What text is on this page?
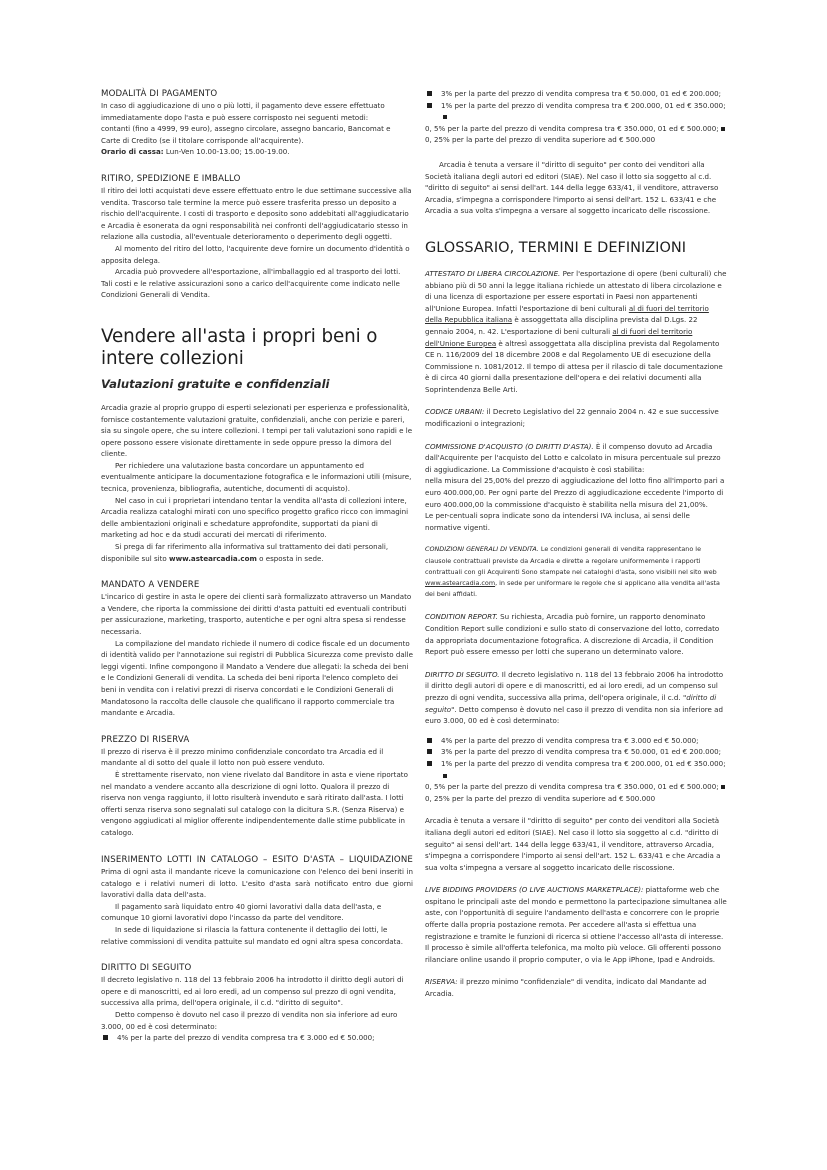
MODALITÀ DI PAGAMENTO

In caso di aggiudicazione di uno o più lotti, il pagamento deve essere effettuato

immediatamente dopo l'asta e può essere corrisposto nei seguenti metodi:

contanti (fino a 4999, 99 euro), assegno circolare, assegno bancario, Bancomat e

Carte di Credito (se il titolare corrisponde all'acquirente).

Orario di cassa: Lun-Ven 10.00-13.00; 15.00-19.00.

RITIRO, SPEDIZIONE E IMBALLO

Il ritiro dei lotti acquistati deve essere effettuato entro le due settimane successive alla vendita. Trascorso tale termine la merce può essere trasferita presso un deposito a rischio dell'acquirente. I costi di trasporto e deposito sono addebitati all'aggiudicatario e Arcadia è esonerata da ogni responsabilità nei confronti dell'aggiudicatario stesso in relazione alla custodia, all'eventuale deterioramento o deperimento degli oggetti.

Al momento del ritiro del lotto, l'acquirente deve fornire un documento d'identità o apposita delega.

Arcadia può provvedere all'esportazione, all'imballaggio ed al trasporto dei lotti. Tali costi e le relative assicurazioni sono a carico dell'acquirente come indicato nelle Condizioni Generali di Vendita.

Vendere all'asta i propri beni o intere collezioni
Valutazioni gratuite e confidenziali

Arcadia grazie al proprio gruppo di esperti selezionati per esperienza e professionalità, fornisce costantemente valutazioni gratuite, confidenziali, anche con perizie e pareri, sia su singole opere, che su intere collezioni. I tempi per tali valutazioni sono rapidi e le opere possono essere visionate direttamente in sede oppure presso la dimora del cliente.

Per richiedere una valutazione basta concordare un appuntamento ed eventualmente anticipare la documentazione fotografica e le informazioni utili (misure, tecnica, provenienza, bibliografia, autentiche, documenti di acquisto).

Nel caso in cui i proprietari intendano tentar la vendita all'asta di collezioni intere, Arcadia realizza cataloghi mirati con uno specifico progetto grafico ricco con immagini delle ambientazioni originali e schedature approfondite, supportati da piani di marketing ad hoc e da studi accurati dei mercati di riferimento.

Si prega di far riferimento alla informativa sul trattamento dei dati personali, disponibile sul sito www.astearcadia.com o esposta in sede.

MANDATO A VENDERE

L'incarico di gestire in asta le opere dei clienti sarà formalizzato attraverso un Mandato a Vendere, che riporta la commissione dei diritti d'asta pattuiti ed eventuali contributi per assicurazione, marketing, trasporto, autentiche e per ogni altra spesa si rendesse necessaria.

La compilazione del mandato richiede il numero di codice fiscale ed un documento di identità valido per l'annotazione sui registri di Pubblica Sicurezza come previsto dalle leggi vigenti. Infine compongono il Mandato a Vendere due allegati: la scheda dei beni e le Condizioni Generali di vendita. La scheda dei beni riporta l'elenco completo dei beni in vendita con i relativi prezzi di riserva concordati e le Condizioni Generali di Mandatosono la raccolta delle clausole che qualificano il rapporto commerciale tra mandante e Arcadia.

PREZZO DI RISERVA

Il prezzo di riserva è il prezzo minimo confidenziale concordato tra Arcadia ed il mandante al di sotto del quale il lotto non può essere venduto.

È strettamente riservato, non viene rivelato dal Banditore in asta e viene riportato nel mandato a vendere accanto alla descrizione di ogni lotto. Qualora il prezzo di riserva non venga raggiunto, il lotto risulterà invenduto e sarà ritirato dall'asta. I lotti offerti senza riserva sono segnalati sul catalogo con la dicitura S.R. (Senza Riserva) e vengono aggiudicati al miglior offerente indipendentemente dalle stime pubblicate in catalogo.

INSERIMENTO LOTTI IN CATALOGO – ESITO D'ASTA – LIQUIDAZIONE Prima di ogni asta il mandante riceve la comunicazione con l'elenco dei beni inseriti in catalogo e i relativi numeri di lotto. L'esito d'asta sarà notificato entro due giorni lavorativi dalla data dell'asta.

Il pagamento sarà liquidato entro 40 giorni lavorativi dalla data dell'asta, e comunque 10 giorni lavorativi dopo l'incasso da parte del venditore.

In sede di liquidazione si rilascia la fattura contenente il dettaglio dei lotti, le relative commissioni di vendita pattuite sul mandato ed ogni altra spesa concordata.

DIRITTO DI SEGUITO

Il decreto legislativo n. 118 del 13 febbraio 2006 ha introdotto il diritto degli autori di opere e di manoscritti, ed ai loro eredi, ad un compenso sul prezzo di ogni vendita, successiva alla prima, dell'opera originale, il c.d. "diritto di seguito".

Detto compenso è dovuto nel caso il prezzo di vendita non sia inferiore ad euro 3.000, 00 ed è così determinato:

4% per la parte del prezzo di vendita compresa tra € 3.000 ed € 50.000;
3% per la parte del prezzo di vendita compresa tra € 50.000, 01 ed € 200.000;
1% per la parte del prezzo di vendita compresa tra € 200.000, 01 ed € 350.000;

0, 5% per la parte del prezzo di vendita compresa tra € 350.000, 01 ed € 500.000;

0, 25% per la parte del prezzo di vendita superiore ad € 500.000

Arcadia è tenuta a versare il "diritto di seguito" per conto dei venditori alla Società italiana degli autori ed editori (SIAE). Nel caso il lotto sia soggetto al c.d. "diritto di seguito" ai sensi dell'art. 144 della legge 633/41, il venditore, attraverso Arcadia, s'impegna a corrispondere l'importo ai sensi dell'art. 152 L. 633/41 e che Arcadia a sua volta s'impegna a versare al soggetto incaricato delle riscossione.

GLOSSARIO, TERMINI E DEFINIZIONI

ATTESTATO DI LIBERA CIRCOLAZIONE. Per l'esportazione di opere (beni culturali) che abbiano più di 50 anni la legge italiana richiede un attestato di libera circolazione e di una licenza di esportazione per essere esportati in Paesi non appartenenti all'Unione Europea. Infatti l'esportazione di beni culturali al di fuori del territorio della Repubblica italiana è assoggettata alla disciplina prevista dal D.Lgs. 22 gennaio 2004, n. 42. L'esportazione di beni culturali al di fuori del territorio dell'Unione Europea è altresì assoggettata alla disciplina prevista dal Regolamento CE n. 116/2009 del 18 dicembre 2008 e dal Regolamento UE di esecuzione della Commissione n. 1081/2012. Il tempo di attesa per il rilascio di tale documentazione è di circa 40 giorni dalla presentazione dell'opera e dei relativi documenti alla Soprintendenza Belle Arti.

CODICE URBANI: il Decreto Legislativo del 22 gennaio 2004 n. 42 e sue successive modificazioni o integrazioni;

COMMISSIONE D'ACQUISTO (O DIRITTI D'ASTA). È il compenso dovuto ad Arcadia dall'Acquirente per l'acquisto del Lotto e calcolato in misura percentuale sul prezzo di aggiudicazione. La Commissione d'acquisto è così stabilita:

nella misura del 25,00% del prezzo di aggiudicazione del lotto fino all'importo pari a euro 400.000,00. Per ogni parte del Prezzo di aggiudicazione eccedente l'importo di euro 400.000,00 la commissione d'acquisto è stabilita nella misura del 21,00%.

Le per-centuali sopra indicate sono da intendersi IVA inclusa, ai sensi delle normative vigenti.

CONDIZIONI GENERALI DI VENDITA. Le condizioni generali di vendita rappresentano le clausole contrattuali previste da Arcadia e dirette a regolare uniformemente i rapporti contrattuali con gli Acquirenti Sono stampate nei cataloghi d'asta, sono visibili nel sito web www.astearcadia.com, in sede per uniformare le regole che si applicano alla vendita all'asta dei beni affidati.

CONDITION REPORT. Su richiesta, Arcadia può fornire, un rapporto denominato Condition Report sulle condizioni e sullo stato di conservazione del lotto, corredato da appropriata documentazione fotografica. A discrezione di Arcadia, il Condition Report può essere emesso per lotti che superano un determinato valore.

DIRITTO DI SEGUITO. Il decreto legislativo n. 118 del 13 febbraio 2006 ha introdotto il diritto degli autori di opere e di manoscritti, ed ai loro eredi, ad un compenso sul prezzo di ogni vendita, successiva alla prima, dell'opera originale, il c.d. "diritto di seguito". Detto compenso è dovuto nel caso il prezzo di vendita non sia inferiore ad euro 3.000, 00 ed è così determinato:

4% per la parte del prezzo di vendita compresa tra € 3.000 ed € 50.000;
3% per la parte del prezzo di vendita compresa tra € 50.000, 01 ed € 200.000;
1% per la parte del prezzo di vendita compresa tra € 200.000, 01 ed € 350.000;

0, 5% per la parte del prezzo di vendita compresa tra € 350.000, 01 ed € 500.000;

0, 25% per la parte del prezzo di vendita superiore ad € 500.000

Arcadia è tenuta a versare il "diritto di seguito" per conto dei venditori alla Società italiana degli autori ed editori (SIAE). Nel caso il lotto sia soggetto al c.d. "diritto di seguito" ai sensi dell'art. 144 della legge 633/41, il venditore, attraverso Arcadia, s'impegna a corrispondere l'importo ai sensi dell'art. 152 L. 633/41 e che Arcadia a sua volta s'impegna a versare al soggetto incaricato delle riscossione.

LIVE BIDDING PROVIDERS (O LIVE AUCTIONS MARKETPLACE): piattaforme web che ospitano le principali aste del mondo e permettono la partecipazione simultanea alle aste, con l'opportunità di seguire l'andamento dell'asta e concorrere con le proprie offerte dalla propria postazione remota. Per accedere all'asta si effettua una registrazione e tramite le funzioni di ricerca si ottiene l'accesso all'asta di interesse. Il processo è simile all'offerta telefonica, ma molto più veloce. Gli offerenti possono rilanciare online usando il proprio computer, o via le App iPhone, Ipad e Androids.

RISERVA: il prezzo minimo "confidenziale" di vendita, indicato dal Mandante ad Arcadia.
